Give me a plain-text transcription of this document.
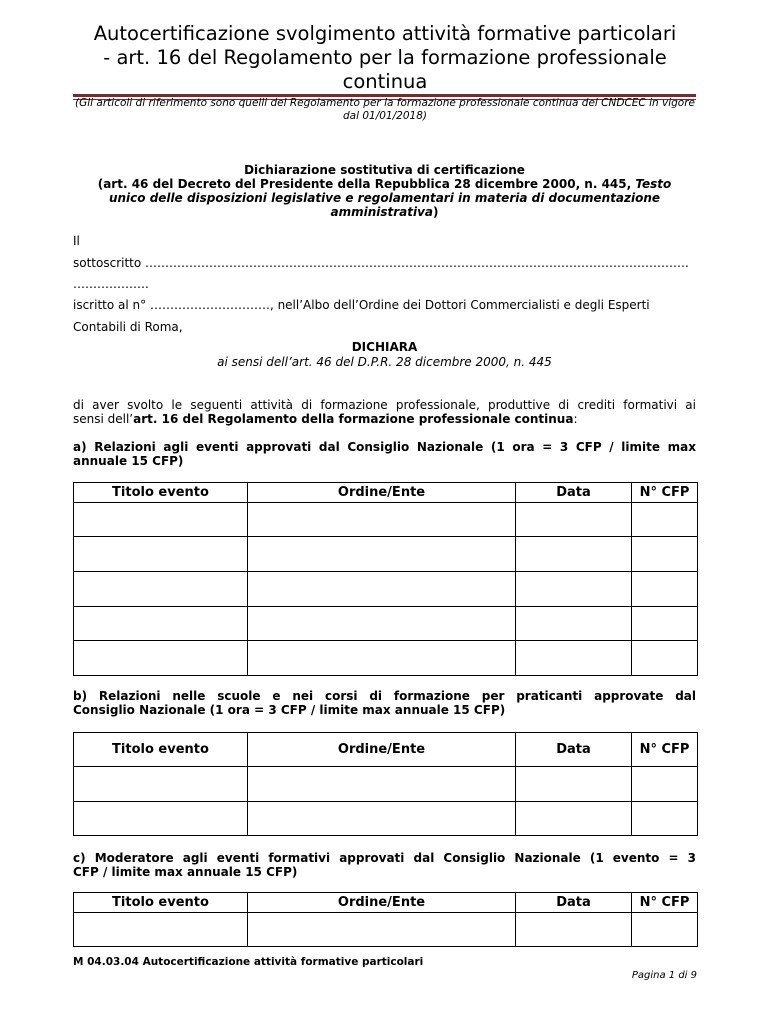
Autocertificazione svolgimento attività formative particolari
- art. 16 del Regolamento per la formazione professionale
continua
(Gli articoli di riferimento sono quelli del Regolamento per la formazione professionale continua del CNDCEC in vigore
dal 01/01/2018)
Dichiarazione sostitutiva di certificazione
(art. 46 del Decreto del Presidente della Repubblica 28 dicembre 2000, n. 445, Testo
unico delle disposizioni legislative e regolamentari in materia di documentazione
amministrativa)
Il
sottoscritto ……………………………………………………………………………………………………………………….
……………….
iscritto al n° …………………………, nell’Albo dell’Ordine dei Dottori Commercialisti e degli Esperti
Contabili di Roma,
DICHIARA
ai sensi dell’art. 46 del D.P.R. 28 dicembre 2000, n. 445
di aver svolto le seguenti attività di formazione professionale, produttive di crediti formativi ai
sensi dell’art. 16 del Regolamento della formazione professionale continua:
a) Relazioni agli eventi approvati dal Consiglio Nazionale (1 ora = 3 CFP / limite max
annuale 15 CFP)
Titolo evento	Ordine/Ente	Data	N° CFP

b) Relazioni nelle scuole e nei corsi di formazione per praticanti approvate dal
Consiglio Nazionale (1 ora = 3 CFP / limite max annuale 15 CFP)
Titolo evento	Ordine/Ente	Data	N° CFP

c) Moderatore agli eventi formativi approvati dal Consiglio Nazionale (1 evento = 3
CFP / limite max annuale 15 CFP)
Titolo evento	Ordine/Ente	Data	N° CFP

M 04.03.04 Autocertificazione attività formative particolari
Pagina 1 di 9
